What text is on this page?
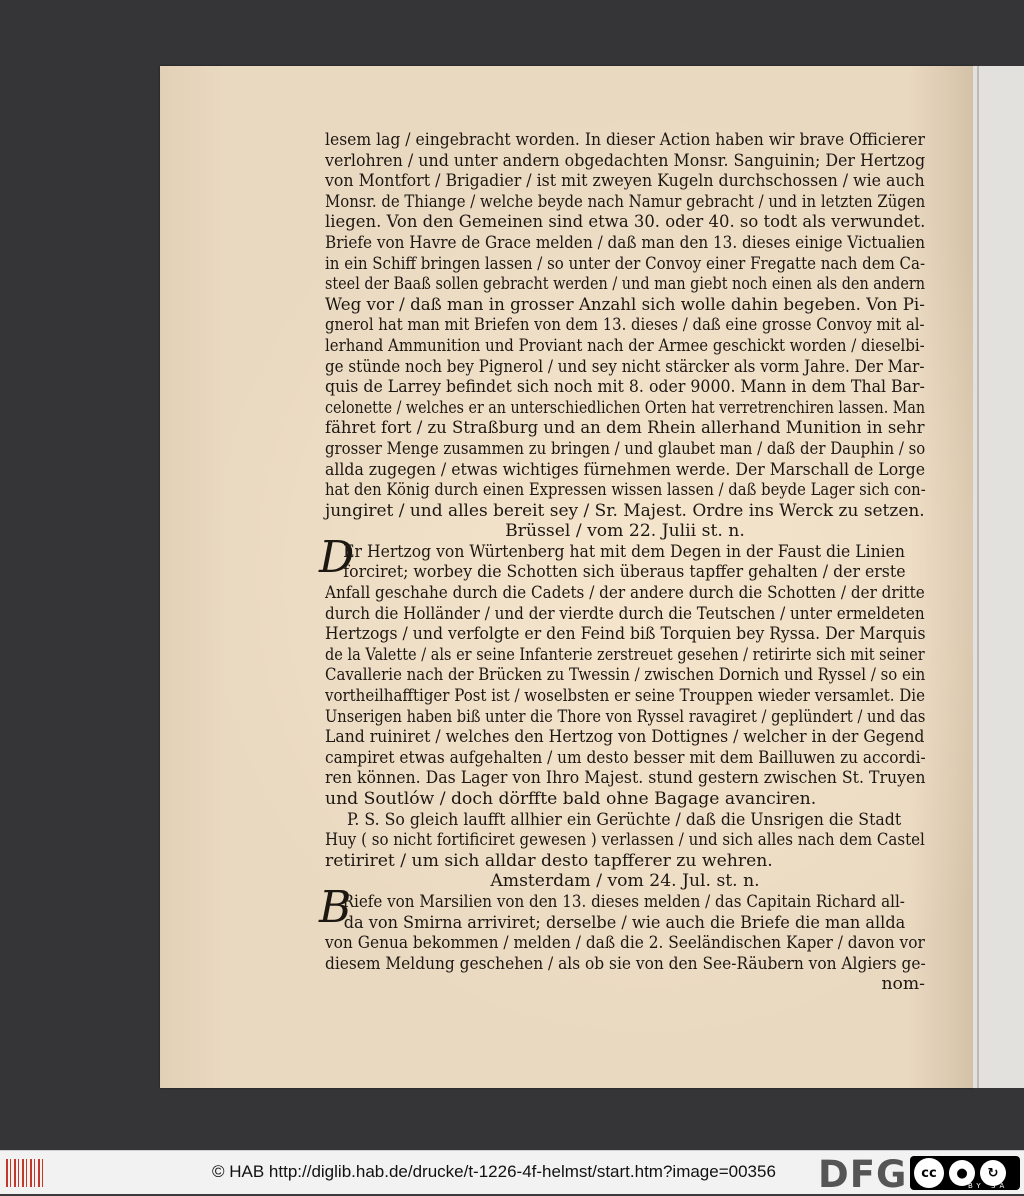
lesem lag / eingebracht worden. In dieser Action haben wir brave Officierer
verlohren / und unter andern obgedachten Monsr. Sanguinin; Der Hertzog
von Montfort / Brigadier / ist mit zweyen Kugeln durchschossen / wie auch
Monsr. de Thiange / welche beyde nach Namur gebracht / und in letzten Zügen
liegen. Von den Gemeinen sind etwa 30. oder 40. so todt als verwundet.
Briefe von Havre de Grace melden / daß man den 13. dieses einige Victualien
in ein Schiff bringen lassen / so unter der Convoy einer Fregatte nach dem Ca-
steel der Baaß sollen gebracht werden / und man giebt noch einen als den andern
Weg vor / daß man in grosser Anzahl sich wolle dahin begeben. Von Pi-
gnerol hat man mit Briefen von dem 13. dieses / daß eine grosse Convoy mit al-
lerhand Ammunition und Proviant nach der Armee geschickt worden / dieselbi-
ge stünde noch bey Pignerol / und sey nicht stärcker als vorm Jahre. Der Mar-
quis de Larrey befindet sich noch mit 8. oder 9000. Mann in dem Thal Bar-
celonette / welches er an unterschiedlichen Orten hat verretrenchiren lassen. Man
fähret fort / zu Straßburg und an dem Rhein allerhand Munition in sehr
grosser Menge zusammen zu bringen / und glaubet man / daß der Dauphin / so
allda zugegen / etwas wichtiges fürnehmen werde. Der Marschall de Lorge
hat den König durch einen Expressen wissen lassen / daß beyde Lager sich con-
jungiret / und alles bereit sey / Sr. Majest. Ordre ins Werck zu setzen.
Brüssel / vom 22. Julii st. n.
D
Er Hertzog von Würtenberg hat mit dem Degen in der Faust die Linien
forciret; worbey die Schotten sich überaus tapffer gehalten / der erste
Anfall geschahe durch die Cadets / der andere durch die Schotten / der dritte
durch die Holländer / und der vierdte durch die Teutschen / unter ermeldeten
Hertzogs / und verfolgte er den Feind biß Torquien bey Ryssa. Der Marquis
de la Valette / als er seine Infanterie zerstreuet gesehen / retirirte sich mit seiner
Cavallerie nach der Brücken zu Twessin / zwischen Dornich und Ryssel / so ein
vortheilhafftiger Post ist / woselbsten er seine Trouppen wieder versamlet. Die
Unserigen haben biß unter die Thore von Ryssel ravagiret / geplündert / und das
Land ruiniret / welches den Hertzog von Dottignes / welcher in der Gegend
campiret etwas aufgehalten / um desto besser mit dem Bailluwen zu accordi-
ren können. Das Lager von Ihro Majest. stund gestern zwischen St. Truyen
und Soutlów / doch dörffte bald ohne Bagage avanciren.
P. S. So gleich laufft allhier ein Gerüchte / daß die Unsrigen die Stadt
Huy ( so nicht fortificiret gewesen ) verlassen / und sich alles nach dem Castel
retiriret / um sich alldar desto tapfferer zu wehren.
Amsterdam / vom 24. Jul. st. n.
B
Riefe von Marsilien von den 13. dieses melden / das Capitain Richard all-
da von Smirna arriviret; derselbe / wie auch die Briefe die man allda
von Genua bekommen / melden / daß die 2. Seeländischen Kaper / davon vor
diesem Meldung geschehen / als ob sie von den See-Räubern von Algiers ge-
nom-
© HAB http://diglib.hab.de/drucke/t-1226-4f-helmst/start.htm?image=00356 DFG	cc	●	↻
BY SA
